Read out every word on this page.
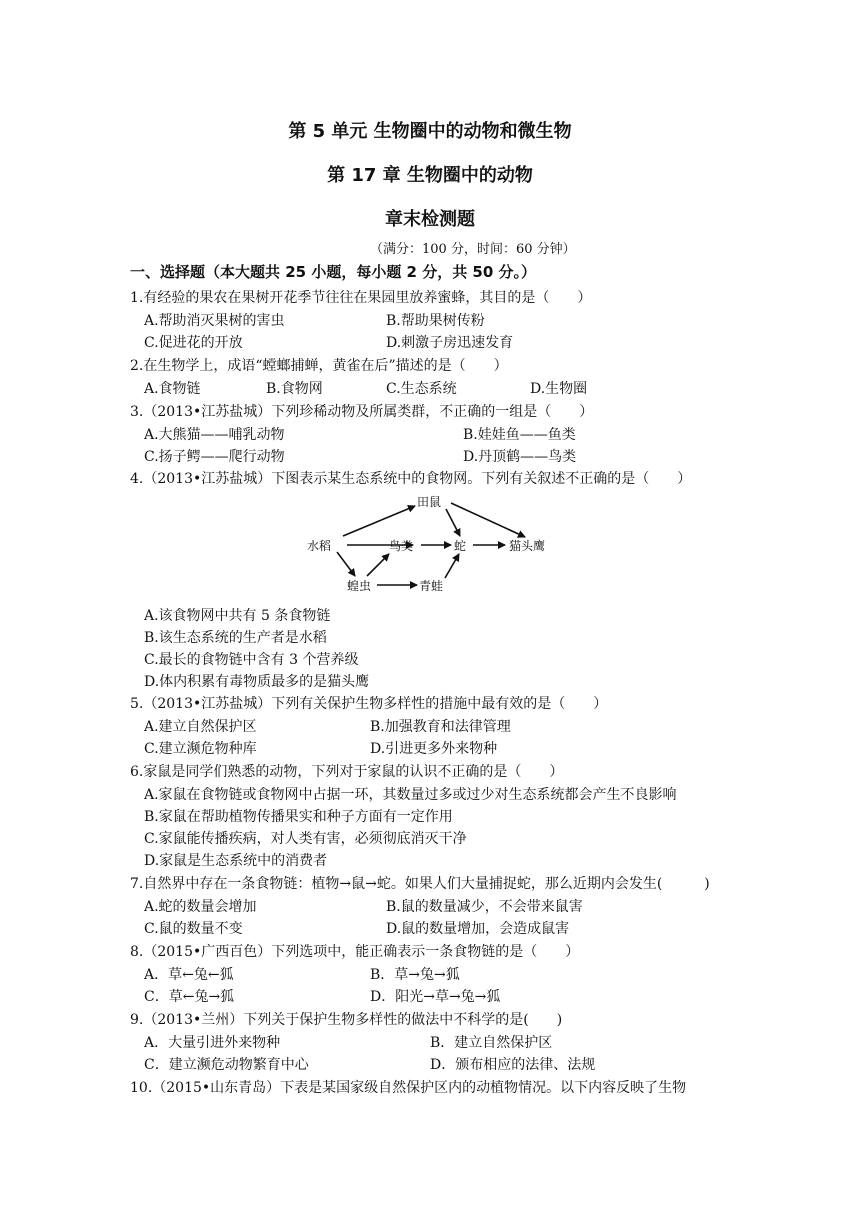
第 5 单元 生物圈中的动物和微生物
第 17 章 生物圈中的动物
章末检测题
（满分：100 分，时间：60 分钟）
一、选择题（本大题共 25 小题，每小题 2 分，共 50 分。）
1.有经验的果农在果树开花季节往往在果园里放养蜜蜂，其目的是（　　）
A.帮助消灭果树的害虫	B.帮助果树传粉
C.促进花的开放	D.刺激子房迅速发育
2.在生物学上，成语“螳螂捕蝉，黄雀在后”描述的是（　　）
A.食物链	B.食物网	C.生态系统	D.生物圈
3.（2013•江苏盐城）下列珍稀动物及所属类群，不正确的一组是（　　）
A.大熊猫——哺乳动物	B.娃娃鱼——鱼类
C.扬子鳄——爬行动物	D.丹顶鹤——鸟类
4.（2013•江苏盐城）下图表示某生态系统中的食物网。下列有关叙述不正确的是（　　）
水稻
田鼠
鸟类	蛇	猫头鹰
蝗虫	青蛙
A.该食物网中共有 5 条食物链
B.该生态系统的生产者是水稻
C.最长的食物链中含有 3 个营养级
D.体内积累有毒物质最多的是猫头鹰
5.（2013•江苏盐城）下列有关保护生物多样性的措施中最有效的是（　　）
A.建立自然保护区	B.加强教育和法律管理
C.建立濒危物种库	D.引进更多外来物种
6.家鼠是同学们熟悉的动物，下列对于家鼠的认识不正确的是（　　）
A.家鼠在食物链或食物网中占据一环，其数量过多或过少对生态系统都会产生不良影响
B.家鼠在帮助植物传播果实和种子方面有一定作用
C.家鼠能传播疾病，对人类有害，必须彻底消灭干净
D.家鼠是生态系统中的消费者
7.自然界中存在一条食物链：植物→鼠→蛇。如果人们大量捕捉蛇，那么近期内会发生(　　　)
A.蛇的数量会增加	B.鼠的数量减少，不会带来鼠害
C.鼠的数量不变	D.鼠的数量增加，会造成鼠害
8.（2015•广西百色）下列选项中，能正确表示一条食物链的是（　　）
A．草←兔←狐	B．草→兔→狐
C．草←兔→狐	D．阳光→草→兔→狐
9.（2013•兰州）下列关于保护生物多样性的做法中不科学的是(　　)
A．大量引进外来物种	B．建立自然保护区
C．建立濒危动物繁育中心	D．颁布相应的法律、法规
10.（2015•山东青岛）下表是某国家级自然保护区内的动植物情况。以下内容反映了生物
